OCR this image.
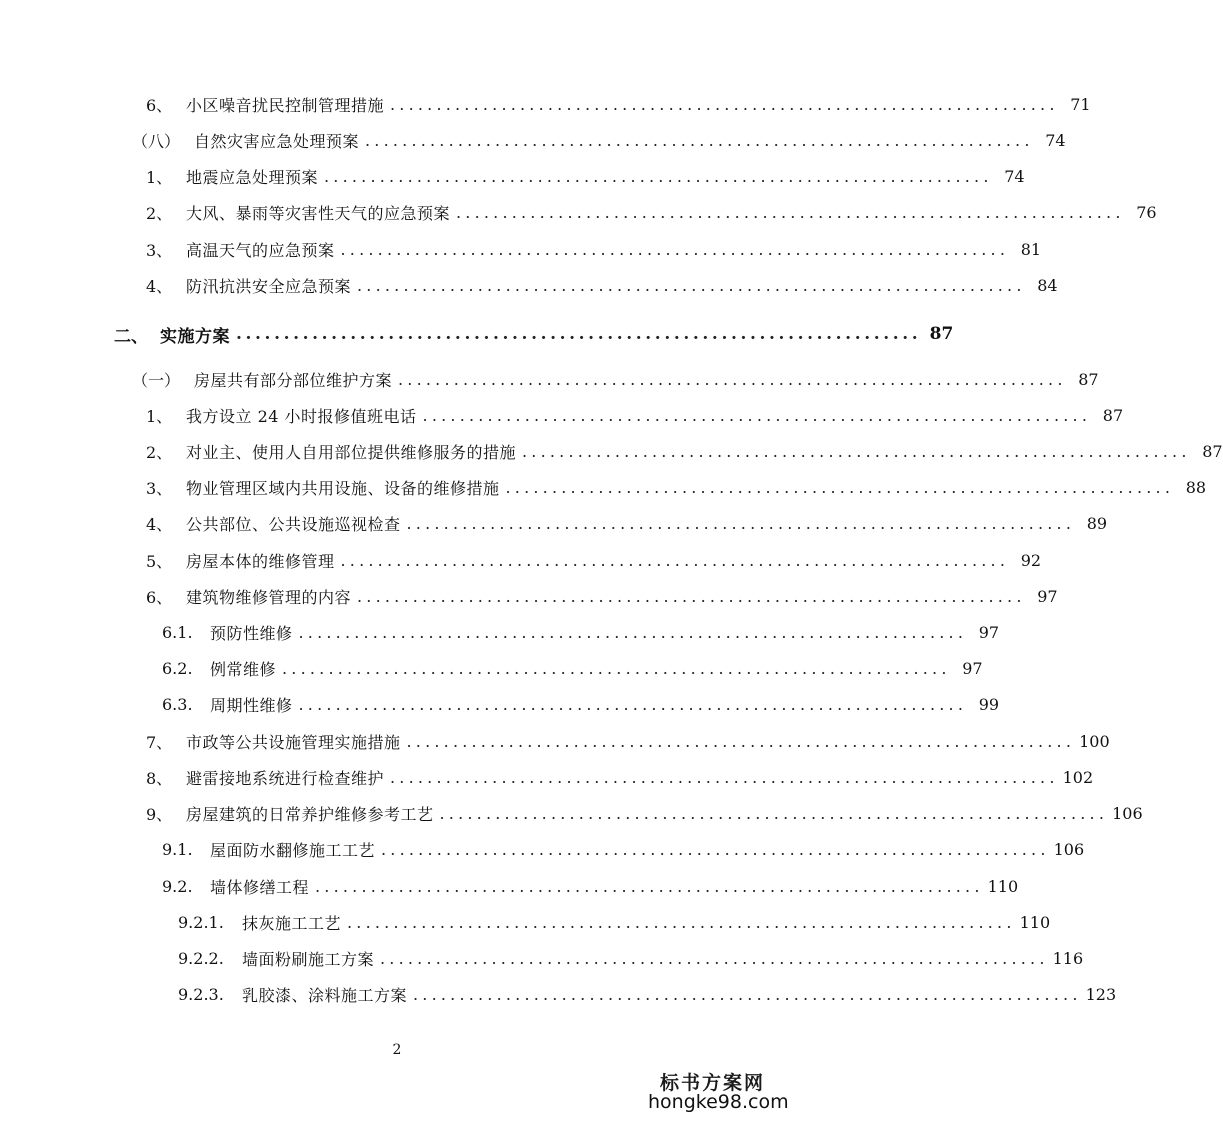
6、 小区噪音扰民控制管理措施 ........................................................................ 71
（八） 自然灾害应急处理预案 ........................................................................ 74
1、 地震应急处理预案 ........................................................................ 74
2、 大风、暴雨等灾害性天气的应急预案 ........................................................................ 76
3、 高温天气的应急预案 ........................................................................ 81
4、 防汛抗洪安全应急预案 ........................................................................ 84
二、 实施方案 ........................................................................ 87
（一） 房屋共有部分部位维护方案 ........................................................................ 87
1、 我方设立 24 小时报修值班电话 ........................................................................ 87
2、 对业主、使用人自用部位提供维修服务的措施 ........................................................................ 87
3、 物业管理区域内共用设施、设备的维修措施 ........................................................................ 88
4、 公共部位、公共设施巡视检查 ........................................................................ 89
5、 房屋本体的维修管理 ........................................................................ 92
6、 建筑物维修管理的内容 ........................................................................ 97
6.1.	预防性维修 ........................................................................ 97
6.2.	例常维修 ........................................................................ 97
6.3.	周期性维修 ........................................................................ 99
7、 市政等公共设施管理实施措施 ........................................................................ 100
8、 避雷接地系统进行检查维护 ........................................................................ 102
9、 房屋建筑的日常养护维修参考工艺 ........................................................................ 106
9.1.	屋面防水翻修施工工艺 ........................................................................ 106
9.2.	墙体修缮工程 ........................................................................ 110
9.2.1.	抹灰施工工艺 ........................................................................ 110
9.2.2.	墙面粉刷施工方案 ........................................................................ 116
9.2.3.	乳胶漆、涂料施工方案 ........................................................................ 123
2
标书方案网
hongke98.com
